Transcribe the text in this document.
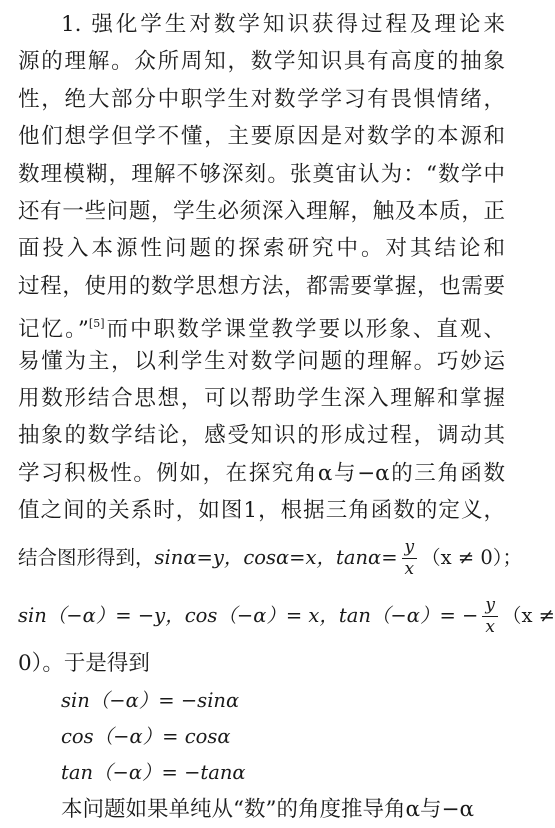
1. 强化学生对数学知识获得过程及理论来
源的理解。众所周知，数学知识具有高度的抽象
性，绝大部分中职学生对数学学习有畏惧情绪，
他们想学但学不懂，主要原因是对数学的本源和
数理模糊，理解不够深刻。张奠宙认为：“数学中
还有一些问题，学生必须深入理解，触及本质，正
面投入本源性问题的探索研究中。对其结论和
过程，使用的数学思想方法，都需要掌握，也需要
记忆。”[5]而中职数学课堂教学要以形象、直观、
易懂为主，以利学生对数学问题的理解。巧妙运
用数形结合思想，可以帮助学生深入理解和掌握
抽象的数学结论，感受知识的形成过程，调动其
学习积极性。例如，在探究角α与−α的三角函数
值之间的关系时，如图1，根据三角函数的定义，
结合图形得到，sinα=y，cosα=x，$\tan\alpha= \frac{y}{x} (x \ne 0)$；
sin（−α）= −y，cos（−α）= x，$\tan(-\alpha)= - \frac{y}{x} (x$ ≠
0）。于是得到
sin（−α）= −sinα
cos（−α）= cosα
tan（−α）= −tanα
本问题如果单纯从“数”的角度推导角α与−α
